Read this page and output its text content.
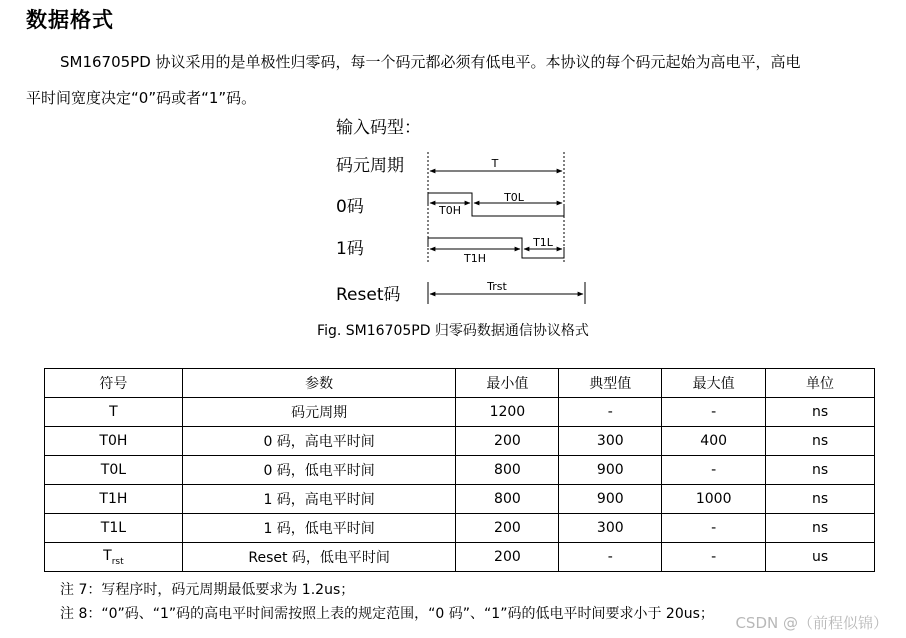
数据格式
SM16705PD 协议采用的是单极性归零码，每一个码元都必须有低电平。本协议的每个码元起始为高电平，高电
平时间宽度决定“0”码或者“1”码。
输入码型：
码元周期
0码
1码
Reset码
T
T0H
T0L
T1H
T1L
Trst
Fig. SM16705PD 归零码数据通信协议格式
符号	参数	最小值	典型值	最大值	单位
T	码元周期	1200	-	-	ns
T0H	0 码，高电平时间	200	300	400	ns
T0L	0 码，低电平时间	800	900	-	ns
T1H	1 码，高电平时间	800	900	1000	ns
T1L	1 码，低电平时间	200	300	-	ns
$T_{rst}$	Reset 码，低电平时间	200	-	-	us
注 7：写程序时，码元周期最低要求为 1.2us；
注 8：“0”码、“1”码的高电平时间需按照上表的规定范围，“0 码”、“1”码的低电平时间要求小于 20us； CSDN @（前程似锦）
